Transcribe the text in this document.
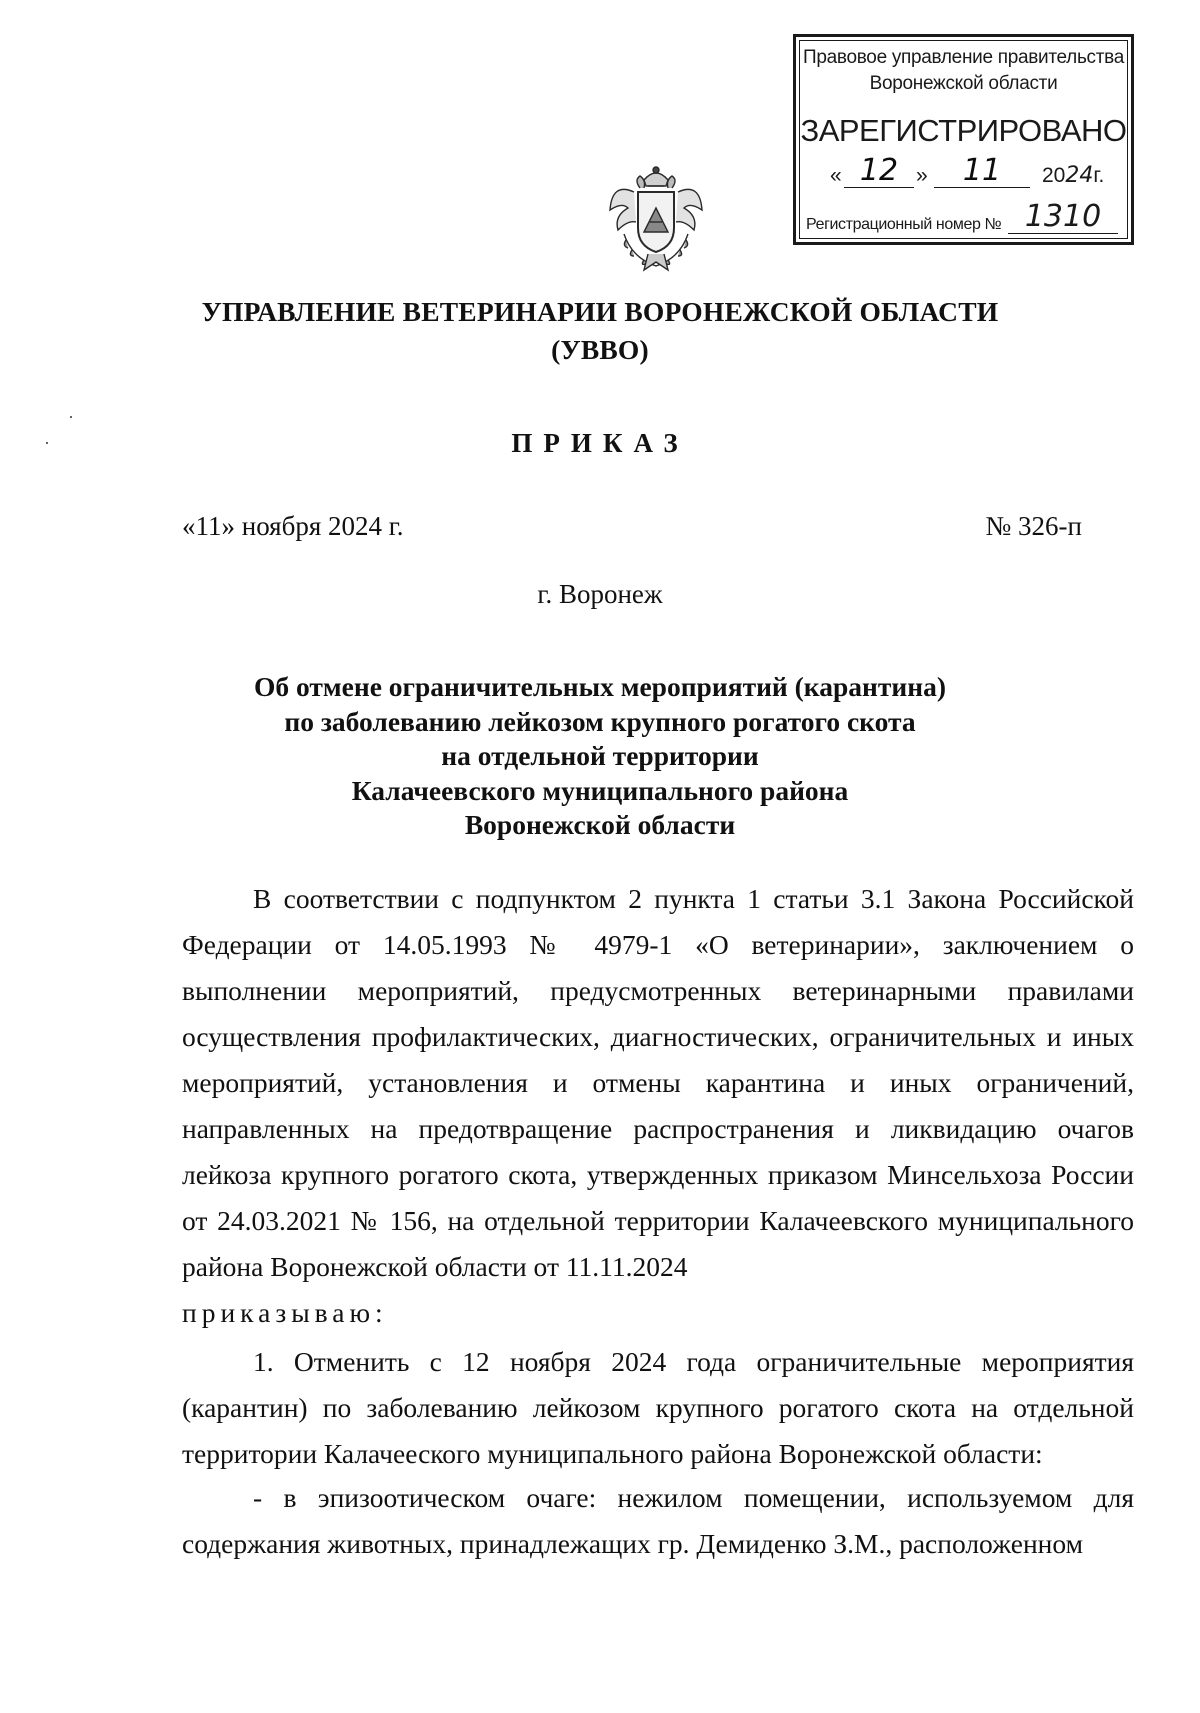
Правовое управление правительства
Воронежской области
ЗАРЕГИСТРИРОВАНО
« 12 »	11	2024г.
Регистрационный номер № 1310
УПРАВЛЕНИЕ ВЕТЕРИНАРИИ ВОРОНЕЖСКОЙ ОБЛАСТИ
(УВВО)
ПРИКАЗ
«11» ноября 2024 г.	№ 326-п
г. Воронеж
Об отмене ограничительных мероприятий (карантина)
по заболеванию лейкозом крупного рогатого скота
на отдельной территории
Калачеевского муниципального района
Воронежской области
В соответствии с подпунктом 2 пункта 1 статьи 3.1 Закона Российской Федерации от 14.05.1993 № 4979-1 «О ветеринарии», заключением о выполнении мероприятий, предусмотренных ветеринарными правилами осуществления профилактических, диагностических, ограничительных и иных мероприятий, установления и отмены карантина и иных ограничений, направленных на предотвращение распространения и ликвидацию очагов лейкоза крупного рогатого скота, утвержденных приказом Минсельхоза России от 24.03.2021 № 156, на отдельной территории Калачеевского муниципального района Воронежской области от 11.11.2024
приказываю:
1. Отменить с 12 ноября 2024 года ограничительные мероприятия (карантин) по заболеванию лейкозом крупного рогатого скота на отдельной территории Калачееского муниципального района Воронежской области:
- в эпизоотическом очаге: нежилом помещении, используемом для содержания животных, принадлежащих гр. Демиденко З.М., расположенном
